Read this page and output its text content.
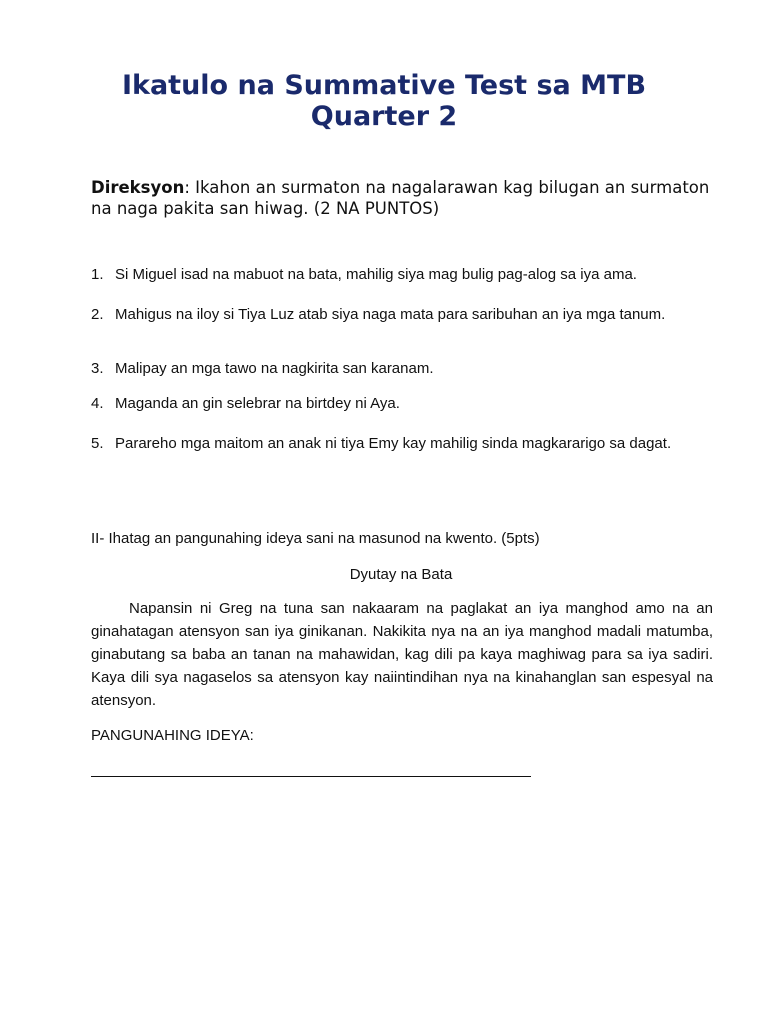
Ikatulo na Summative Test sa MTB Quarter 2

Direksyon: Ikahon an surmaton na nagalarawan kag bilugan an surmaton na naga pakita san hiwag. (2 NA PUNTOS)

1. Si Miguel isad na mabuot na bata, mahilig siya mag bulig pag-alog sa iya ama.
2. Mahigus na iloy si Tiya Luz atab siya naga mata para saribuhan an iya mga tanum.
3. Malipay an mga tawo na nagkirita san karanam.
4. Maganda an gin selebrar na birtdey ni Aya.
5. Parareho mga maitom an anak ni tiya Emy kay mahilig sinda magkararigo sa dagat.

II- Ihatag an pangunahing ideya sani na masunod na kwento. (5pts)

Dyutay na Bata

Napansin ni Greg na tuna san nakaaram na paglakat an iya manghod amo na an ginahatagan atensyon san iya ginikanan. Nakikita nya na an iya manghod madali matumba, ginabutang sa baba an tanan na mahawidan, kag dili pa kaya maghiwag para sa iya sadiri. Kaya dili sya nagaselos sa atensyon kay naiintindihan nya na kinahanglan san espesyal na atensyon.

PANGUNAHING IDEYA:
